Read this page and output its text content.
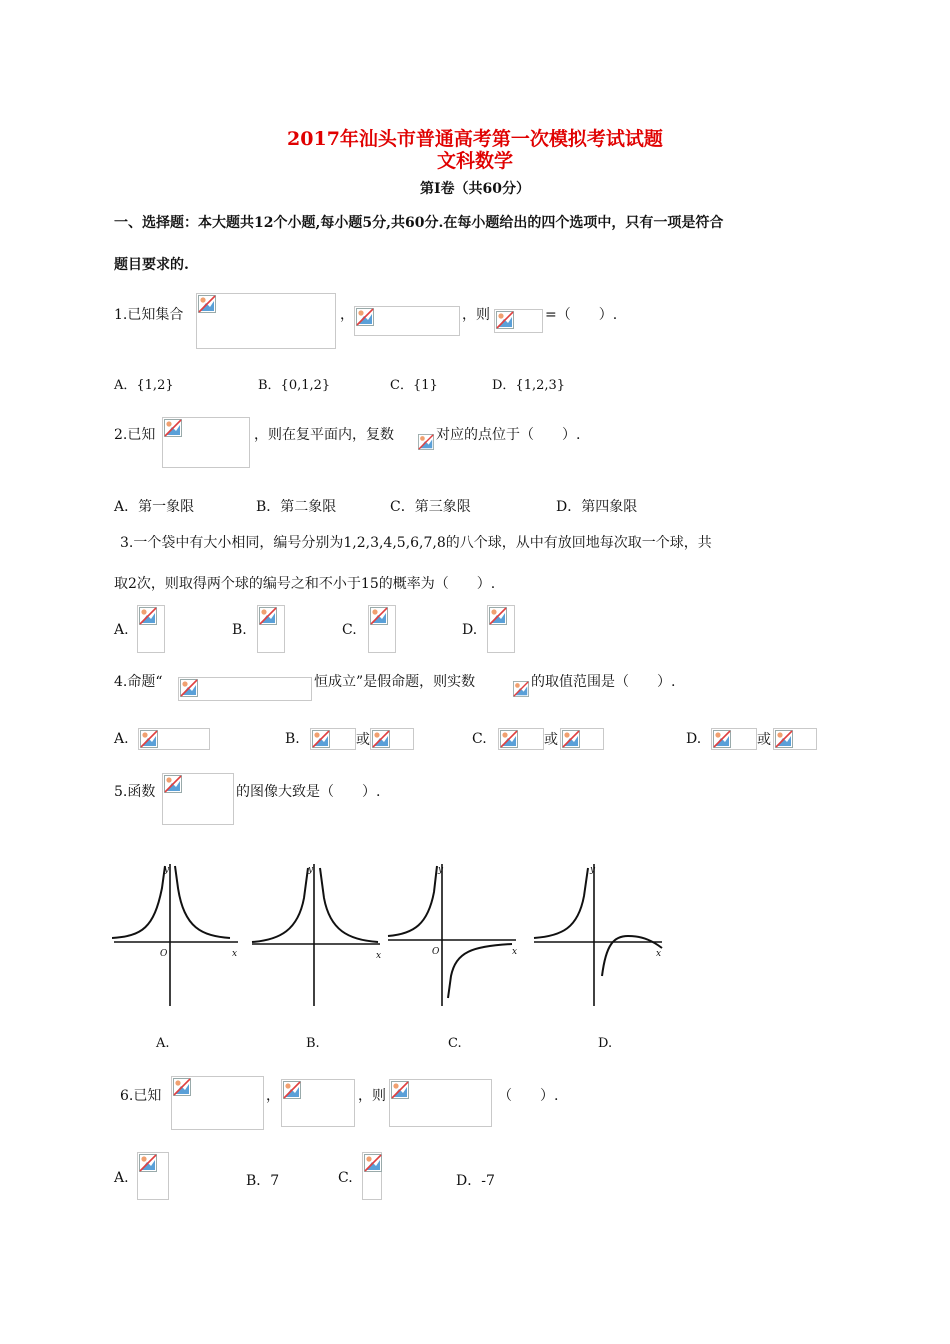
2017年汕头市普通高考第一次模拟考试试题
文科数学
第Ⅰ卷（共60分）
一、选择题：本大题共12个小题,每小题5分,共60分.在每小题给出的四个选项中，只有一项是符合
题目要求的.
1.已知集合	，	，则	=（　　）.
A．{1,2}	B．{0,1,2}	C．{1}	D．{1,2,3}
2.已知	，则在复平面内，复数	对应的点位于（　　）.
A．第一象限	B．第二象限	C．第三象限	D．第四象限
3.一个袋中有大小相同，编号分别为1,2,3,4,5,6,7,8的八个球，从中有放回地每次取一个球，共
取2次，则取得两个球的编号之和不小于15的概率为（　　）.
A.	B.	C.	D.
4.命题“	恒成立”是假命题，则实数	的取值范围是（　　）.
A.	B.	或	C.	或	D.	或
5.函数	的图像大致是（　　）.
y
x
O
y
x
y
x
O
y
x
A.	B.	C.	D.
6.已知	，	，则	（　　）.
A.	B．7	C.	D．-7
